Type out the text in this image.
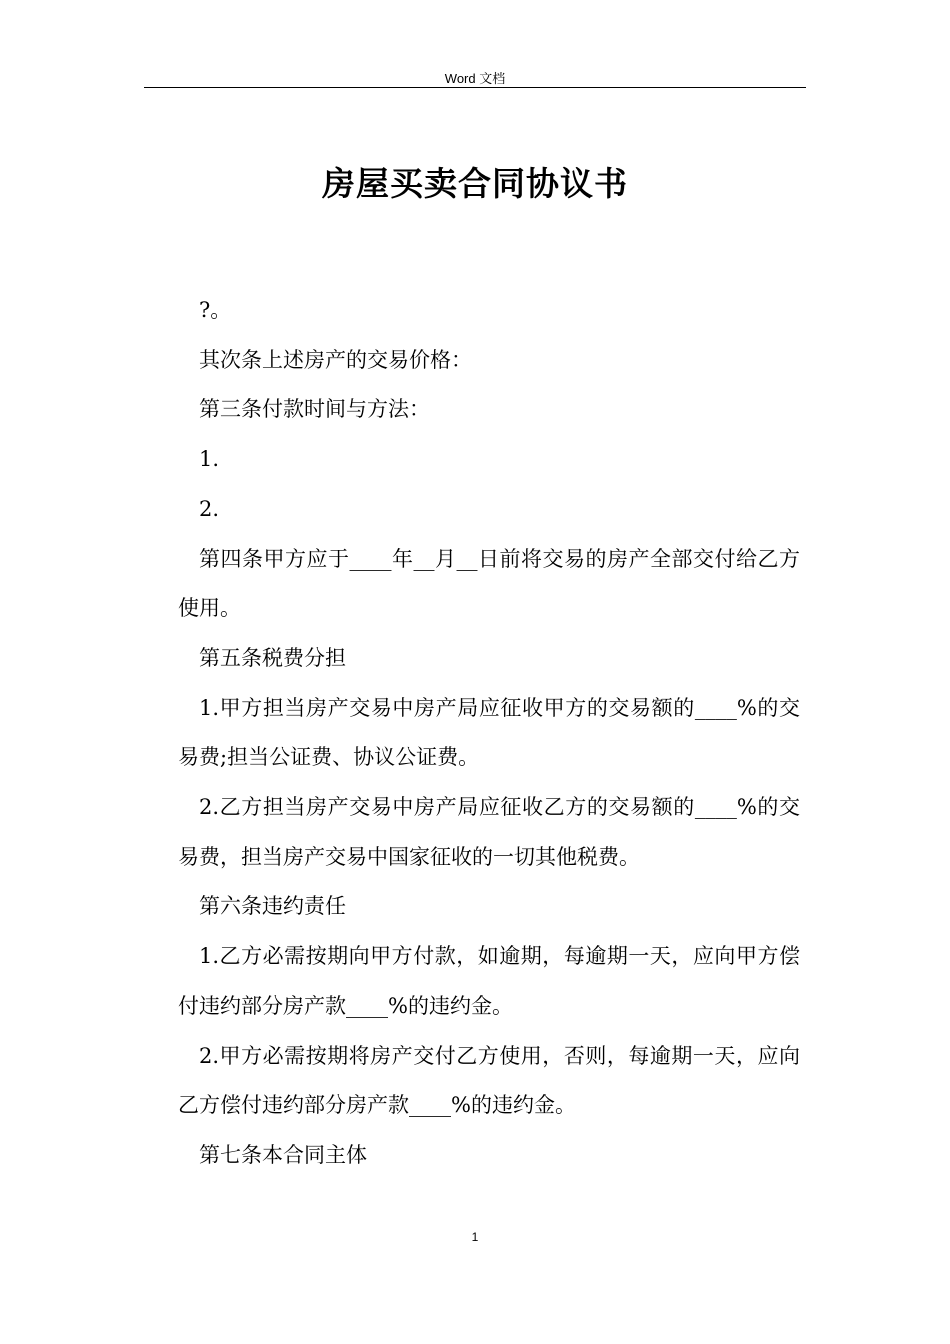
Word 文档
房屋买卖合同协议书

?。

其次条上述房产的交易价格：

第三条付款时间与方法：

1.

2.

第四条甲方应于____年__月__日前将交易的房产全部交付给乙方使用。

第五条税费分担

1.甲方担当房产交易中房产局应征收甲方的交易额的____%的交易费;担当公证费、协议公证费。

2.乙方担当房产交易中房产局应征收乙方的交易额的____%的交易费，担当房产交易中国家征收的一切其他税费。

第六条违约责任

1.乙方必需按期向甲方付款，如逾期，每逾期一天，应向甲方偿付违约部分房产款____%的违约金。

2.甲方必需按期将房产交付乙方使用，否则，每逾期一天，应向乙方偿付违约部分房产款____%的违约金。

第七条本合同主体

1
